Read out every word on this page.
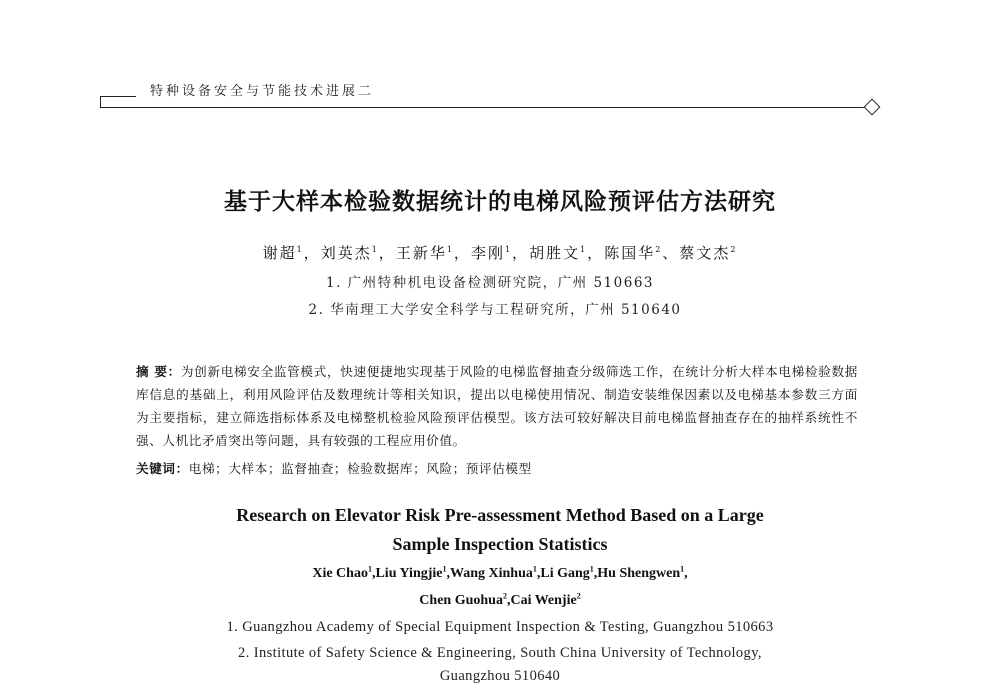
特种设备安全与节能技术进展二
基于大样本检验数据统计的电梯风险预评估方法研究
谢超$^1$，刘英杰$^1$，王新华$^1$，李刚$^1$，胡胜文$^1$，陈国华$^2$、蔡文杰$^2$
1. 广州特种机电设备检测研究院，广州 510663
2. 华南理工大学安全科学与工程研究所，广州 510640
摘 要：为创新电梯安全监管模式，快速便捷地实现基于风险的电梯监督抽查分级筛选工作，在统计分析大样本电梯检验数据库信息的基础上，利用风险评估及数理统计等相关知识，提出以电梯使用情况、制造安装维保因素以及电梯基本参数三方面为主要指标，建立筛选指标体系及电梯整机检验风险预评估模型。该方法可较好解决目前电梯监督抽查存在的抽样系统性不强、人机比矛盾突出等问题，具有较强的工程应用价值。
关键词：电梯；大样本；监督抽查；检验数据库；风险；预评估模型
Research on Elevator Risk Pre-assessment Method Based on a Large
Sample Inspection Statistics
Xie Chao$^1$,Liu Yingjie$^1$,Wang Xinhua$^1$,Li Gang$^1$,Hu Shengwen$^1$,
Chen Guohua$^2$,Cai Wenjie$^2$
1. Guangzhou Academy of Special Equipment Inspection & Testing, Guangzhou 510663
2. Institute of Safety Science & Engineering, South China University of Technology,
Guangzhou 510640
